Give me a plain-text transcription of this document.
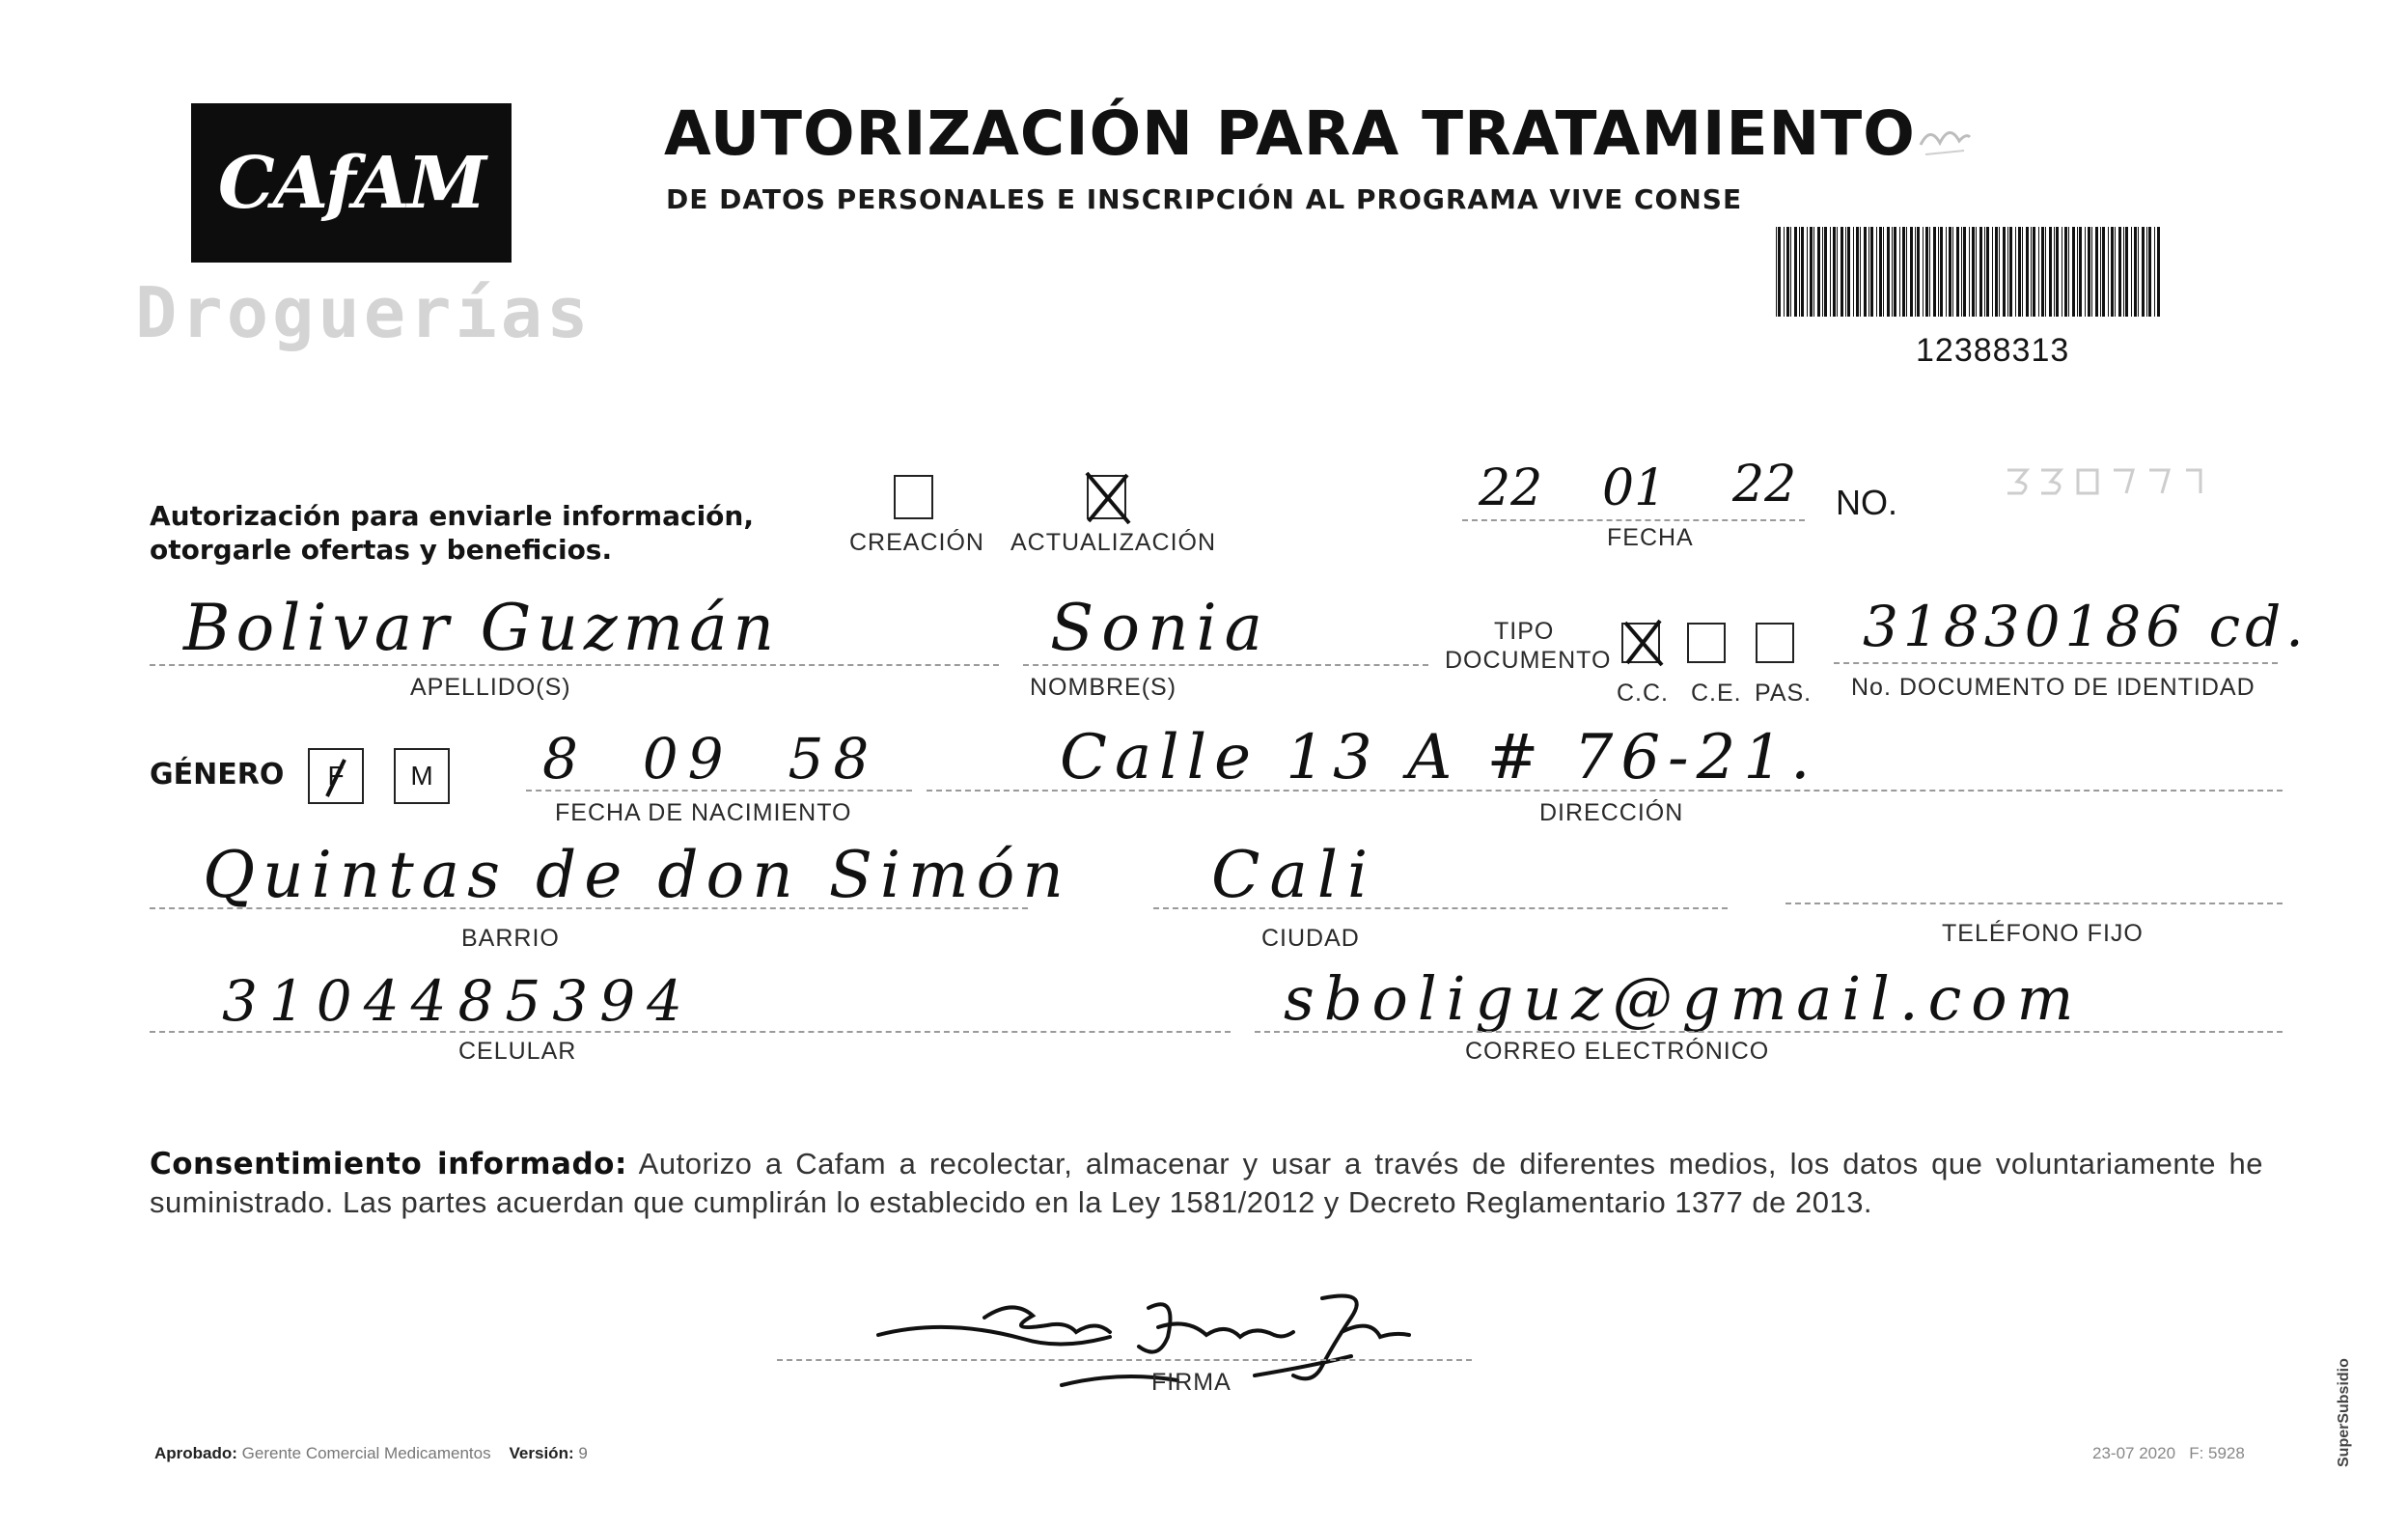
CAfAM
Droguerías
AUTORIZACIÓN PARA TRATAMIENTO
DE DATOS PERSONALES E INSCRIPCIÓN AL PROGRAMA VIVE CONSE
12388313
Autorización para enviarle información,
otorgarle ofertas y beneficios.	CREACIÓN ACTUALIZACIÓN
22 01 22
FECHA
NO.
Bolivar Guzmán
APELLIDO(S)
Sonia
NOMBRE(S)
TIPO
DOCUMENTO
C.C. C.E. PAS.
31830186 cd.
No. DOCUMENTO DE IDENTIDAD
GÉNERO F M 8  09  58
FECHA DE NACIMIENTO
Calle 13 A # 76-21.
DIRECCIÓN
Quintas de don Simón
BARRIO
Cali
CIUDAD	TELÉFONO FIJO
3104485394
CELULAR
sboliguz@gmail.com
CORREO ELECTRÓNICO
Consentimiento informado: Autorizo a Cafam a recolectar, almacenar y usar a través de diferentes medios, los datos que voluntariamente he suministrado. Las partes acuerdan que cumplirán lo establecido en la Ley 1581/2012 y Decreto Reglamentario 1377 de 2013.
FIRMA
Aprobado: Gerente Comercial Medicamentos Versión: 9	23-07 2020   F: 5928	SuperSubsidio
